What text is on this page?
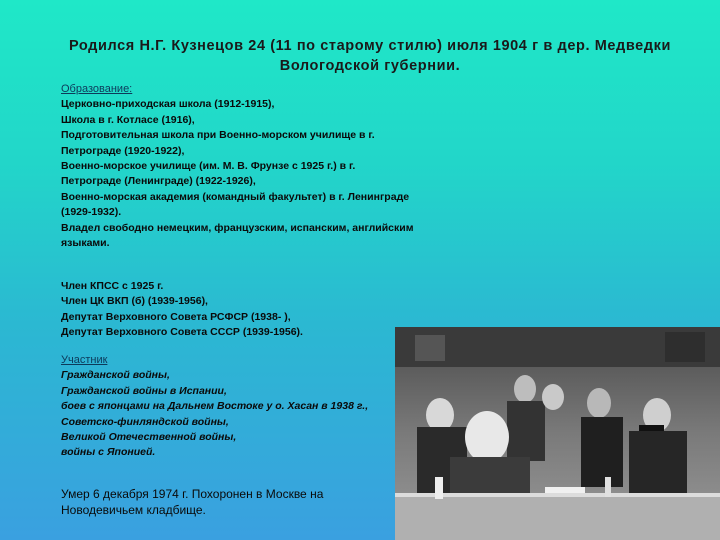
Родился Н.Г. Кузнецов 24 (11 по старому стилю) июля 1904 г в дер. Медведки Вологодской губернии.
Образование:
Церковно-приходская школа (1912-1915),
Школа в г. Котласе (1916),
Подготовительная школа при Военно-морском училище в г.
Петрограде (1920-1922),
Военно-морское училище (им. М. В. Фрунзе с 1925 г.) в г.
Петрограде (Ленинграде) (1922-1926),
Военно-морская академия (командный факультет) в г. Ленинграде
(1929-1932).
Владел свободно немецким, французским, испанским, английским
языками.
Член КПСС с 1925 г.
Член ЦК ВКП (б) (1939-1956),
Депутат Верховного Совета РСФСР (1938- ),
Депутат Верховного Совета СССР (1939-1956).
Участник
Гражданской войны,
Гражданской войны в Испании,
боев с японцами на Дальнем Востоке у о. Хасан в 1938 г.,
Советско-финляндской войны,
Великой Отечественной войны,
войны с Японией.
Умер 6 декабря 1974 г. Похоронен в Москве на
Новодевичьем кладбище.
